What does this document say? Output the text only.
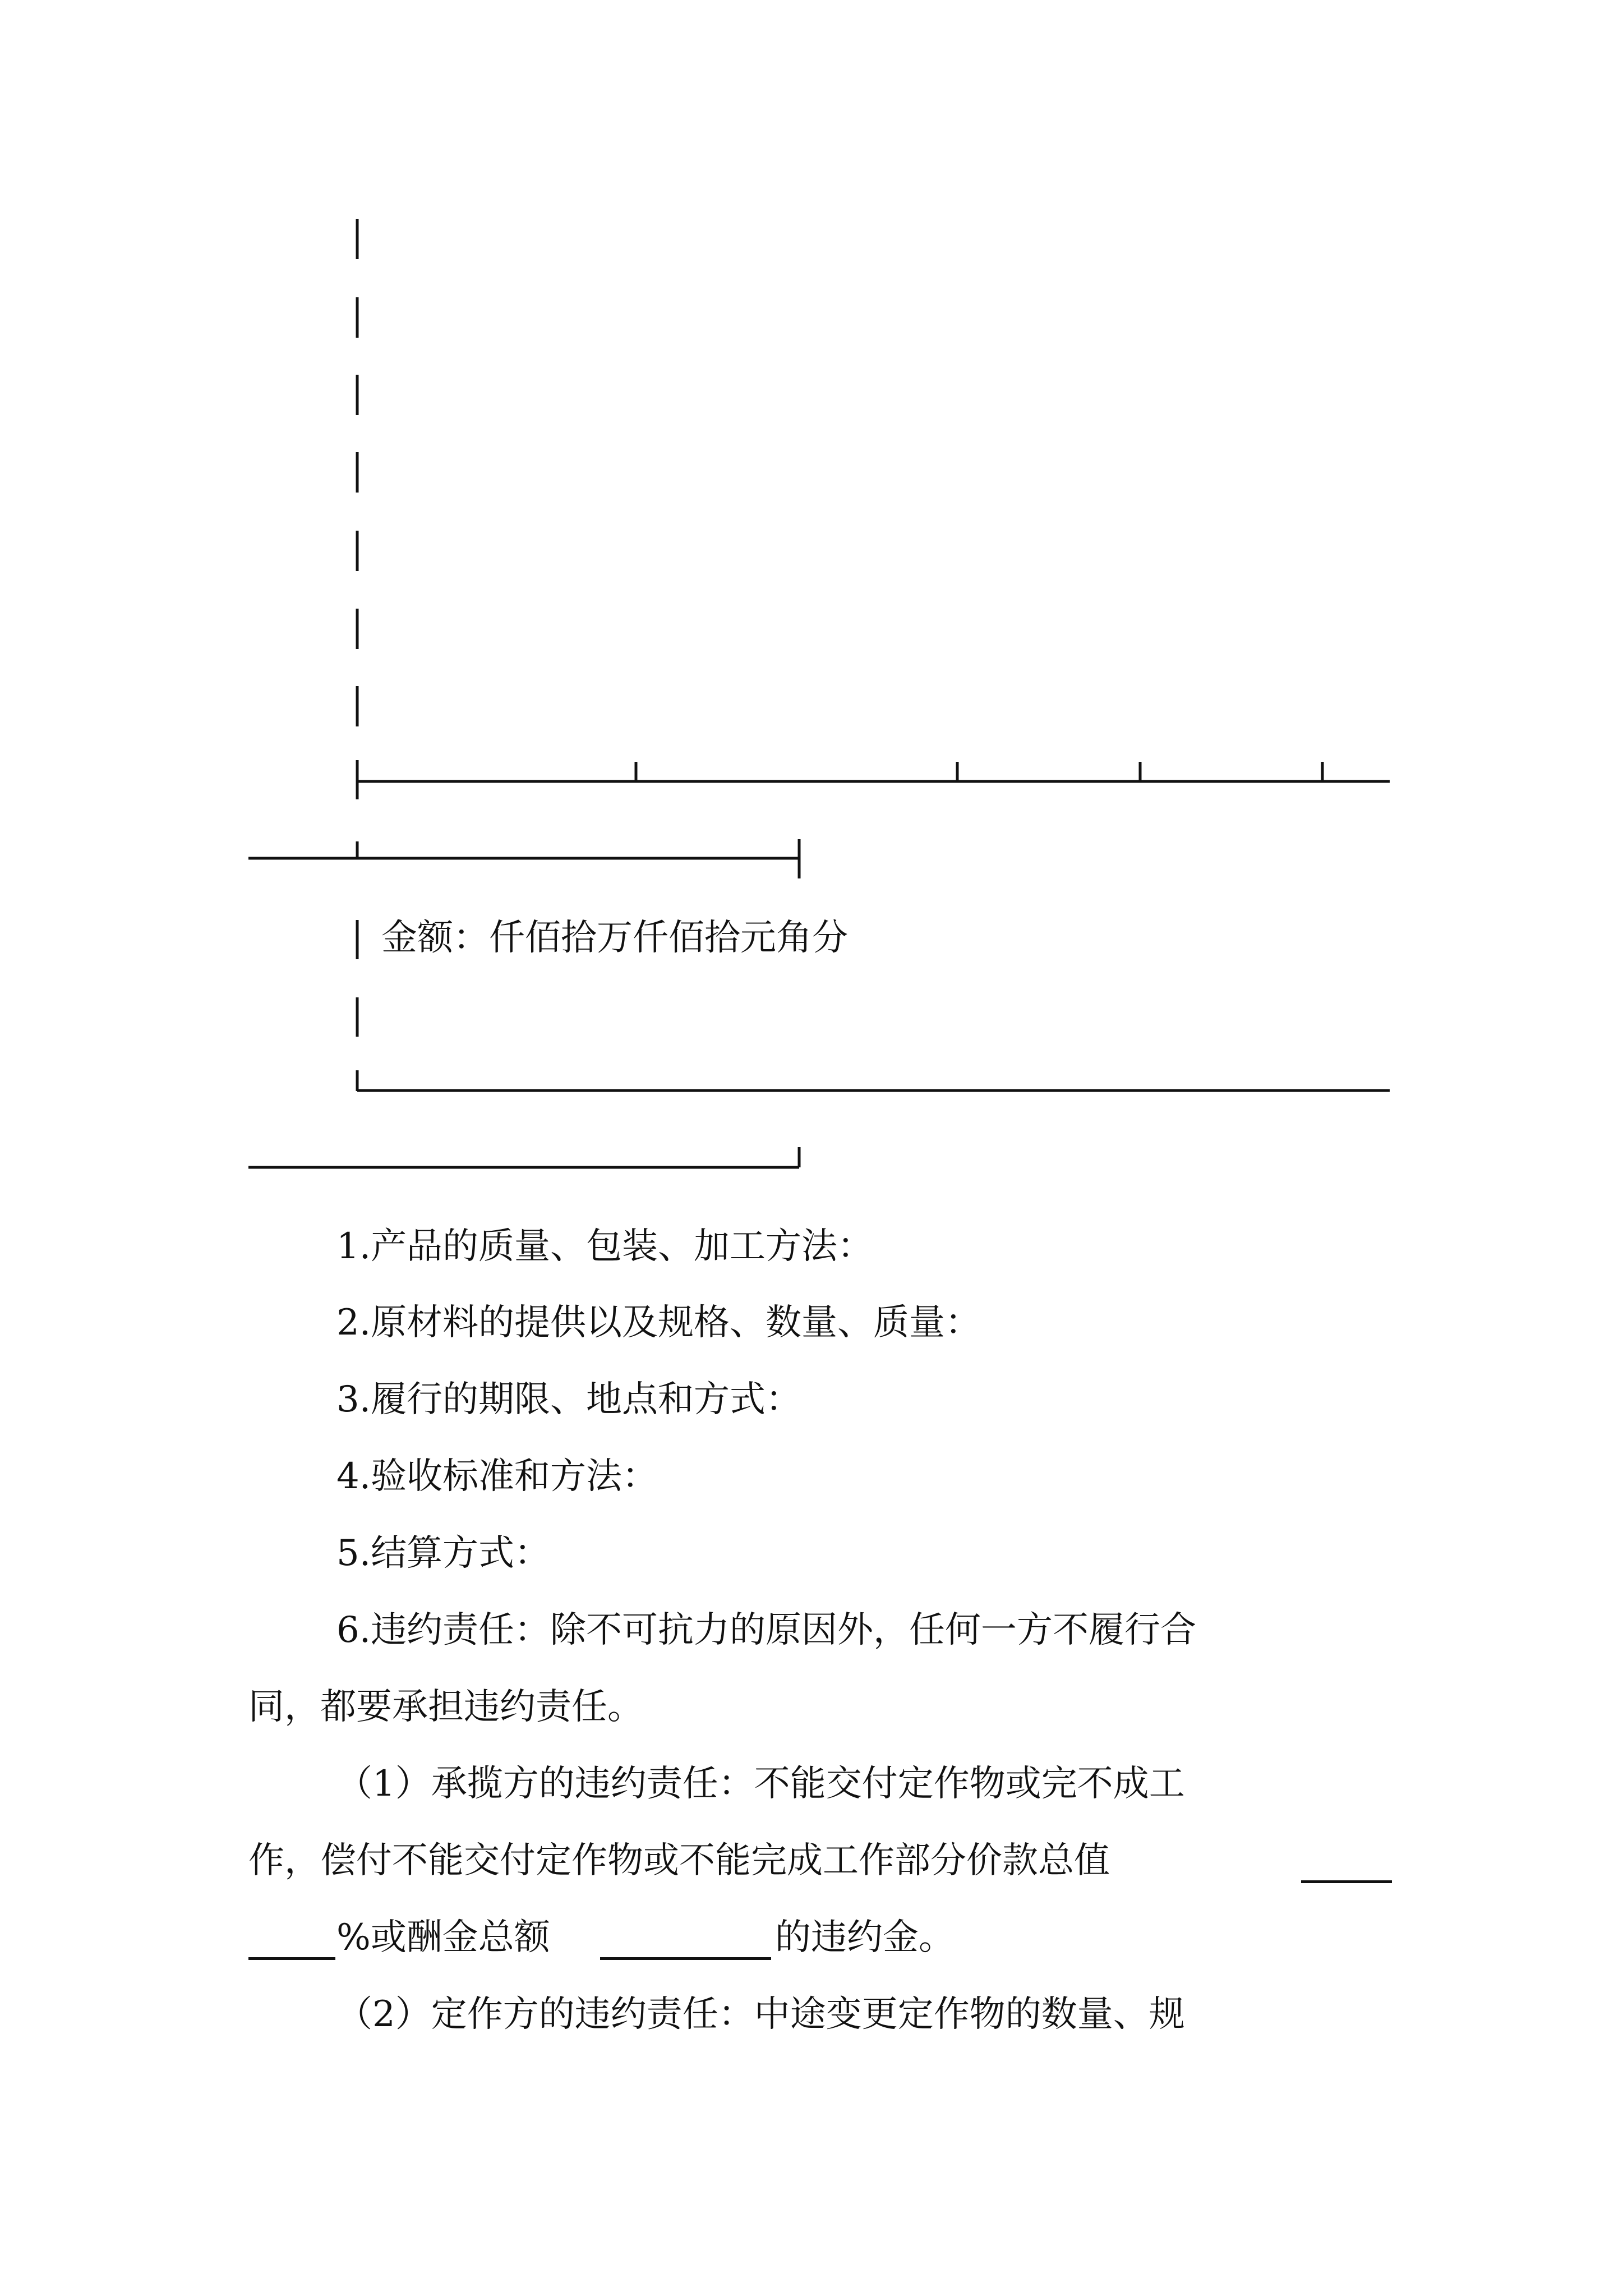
金额：仟佰拾万仟佰拾元角分
1.产品的质量、包装、加工方法：
2.原材料的提供以及规格、数量、质量：
3.履行的期限、地点和方式：
4.验收标准和方法：
5.结算方式：
6.违约责任：除不可抗力的原因外，任何一方不履行合
同，都要承担违约责任。
（1）承揽方的违约责任：不能交付定作物或完不成工
作，偿付不能交付定作物或不能完成工作部分价款总值
%或酬金总额	的违约金。
（2）定作方的违约责任：中途变更定作物的数量、规
